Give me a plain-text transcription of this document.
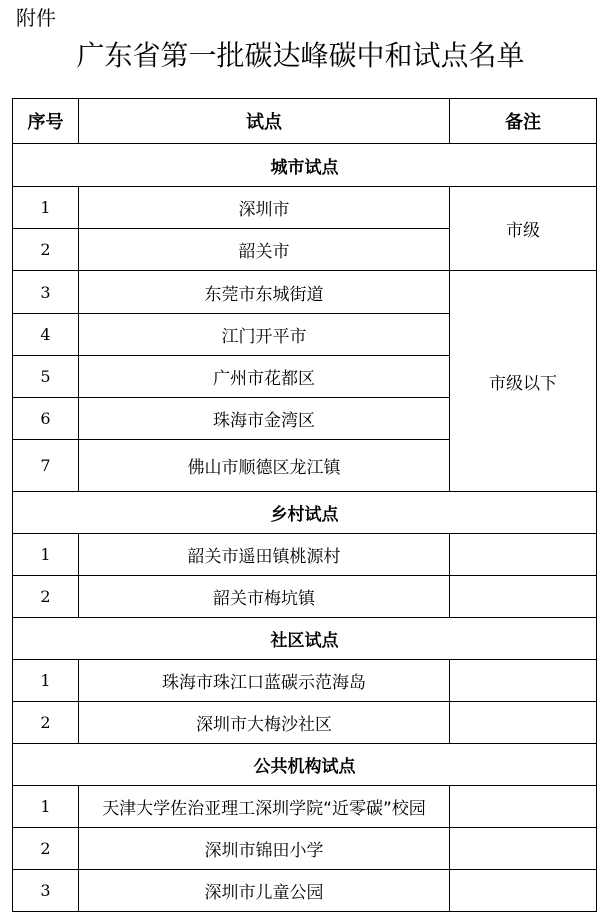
附件
广东省第一批碳达峰碳中和试点名单
序号	试点	备注
城市试点		
1	深圳市	市级
2	韶关市	
3	东莞市东城街道	市级以下
4	江门开平市	
5	广州市花都区	
6	珠海市金湾区	
7	佛山市顺德区龙江镇	
乡村试点		
1	韶关市遥田镇桃源村	
2	韶关市梅坑镇	
社区试点		
1	珠海市珠江口蓝碳示范海岛	
2	深圳市大梅沙社区	
公共机构试点		
1	天津大学佐治亚理工深圳学院“近零碳”校园	
2	深圳市锦田小学	
3	深圳市儿童公园	
